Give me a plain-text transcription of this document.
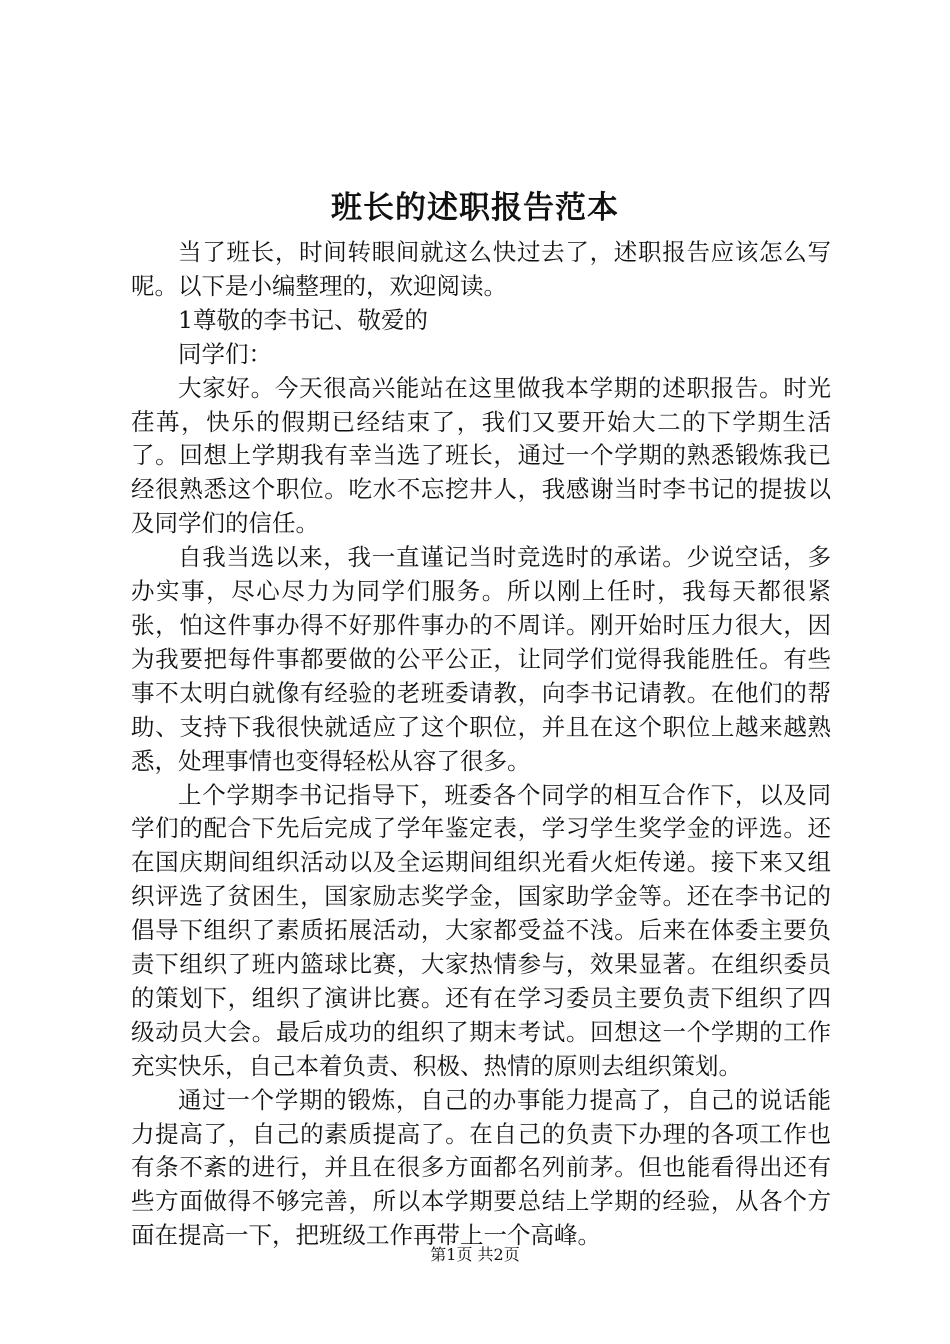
班长的述职报告范本

当了班长，时间转眼间就这么快过去了，述职报告应该怎么写呢。以下是小编整理的，欢迎阅读。

1尊敬的李书记、敬爱的

同学们：

大家好。今天很高兴能站在这里做我本学期的述职报告。时光荏苒，快乐的假期已经结束了，我们又要开始大二的下学期生活了。回想上学期我有幸当选了班长，通过一个学期的熟悉锻炼我已经很熟悉这个职位。吃水不忘挖井人，我感谢当时李书记的提拔以及同学们的信任。

自我当选以来，我一直谨记当时竞选时的承诺。少说空话，多办实事，尽心尽力为同学们服务。所以刚上任时，我每天都很紧张，怕这件事办得不好那件事办的不周详。刚开始时压力很大，因为我要把每件事都要做的公平公正，让同学们觉得我能胜任。有些事不太明白就像有经验的老班委请教，向李书记请教。在他们的帮助、支持下我很快就适应了这个职位，并且在这个职位上越来越熟悉，处理事情也变得轻松从容了很多。

上个学期李书记指导下，班委各个同学的相互合作下，以及同学们的配合下先后完成了学年鉴定表，学习学生奖学金的评选。还在国庆期间组织活动以及全运期间组织光看火炬传递。接下来又组织评选了贫困生，国家励志奖学金，国家助学金等。还在李书记的倡导下组织了素质拓展活动，大家都受益不浅。后来在体委主要负责下组织了班内篮球比赛，大家热情参与，效果显著。在组织委员的策划下，组织了演讲比赛。还有在学习委员主要负责下组织了四级动员大会。最后成功的组织了期末考试。回想这一个学期的工作充实快乐，自己本着负责、积极、热情的原则去组织策划。

通过一个学期的锻炼，自己的办事能力提高了，自己的说话能力提高了，自己的素质提高了。在自己的负责下办理的各项工作也有条不紊的进行，并且在很多方面都名列前茅。但也能看得出还有些方面做得不够完善，所以本学期要总结上学期的经验，从各个方面在提高一下，把班级工作再带上一个高峰。

第1页 共2页
